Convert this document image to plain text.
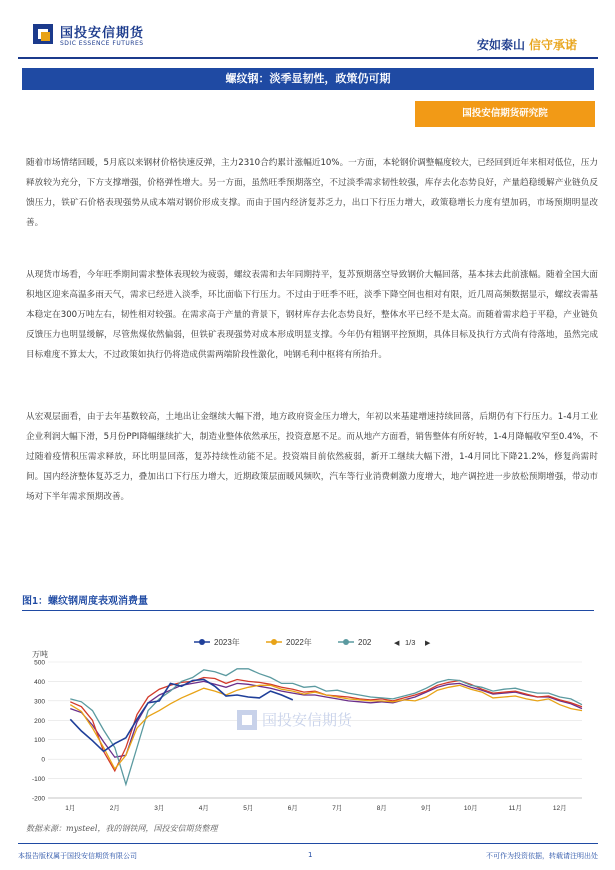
国投安信期货
SDIC ESSENCE FUTURES	安如泰山 信守承诺
螺纹钢：淡季显韧性，政策仍可期
国投安信期货研究院

随着市场情绪回暖，5月底以来钢材价格快速反弹，主力2310合约累计涨幅近10%。一方面，本轮钢价调整幅度较大，已经回到近年来相对低位，压力释放较为充分，下方支撑增强，价格弹性增大。另一方面，虽然旺季预期落空，不过淡季需求韧性较强，库存去化态势良好，产量趋稳缓解产业链负反馈压力，铁矿石价格表现强势从成本端对钢价形成支撑。而由于国内经济复苏乏力，出口下行压力增大，政策稳增长力度有望加码，市场预期明显改善。

从现货市场看，今年旺季期间需求整体表现较为疲弱，螺纹表需和去年同期持平，复苏预期落空导致钢价大幅回落，基本抹去此前涨幅。随着全国大面积地区迎来高温多雨天气，需求已经进入淡季，环比面临下行压力。不过由于旺季不旺，淡季下降空间也相对有限，近几周高频数据显示，螺纹表需基本稳定在300万吨左右，韧性相对较强。在需求高于产量的背景下，钢材库存去化态势良好，整体水平已经不是太高。而随着需求趋于平稳，产业链负反馈压力也明显缓解，尽管焦煤依然偏弱，但铁矿表现强势对成本形成明显支撑。今年仍有粗钢平控预期，具体目标及执行方式尚有待落地，虽然完成目标难度不算太大，不过政策如执行仍将造成供需两端阶段性激化，吨钢毛利中枢将有所抬升。

从宏观层面看，由于去年基数较高，土地出让金继续大幅下滑，地方政府资金压力增大，年初以来基建增速持续回落，后期仍有下行压力。1-4月工业企业利润大幅下滑，5月份PPI降幅继续扩大，制造业整体依然承压，投资意愿不足。而从地产方面看，销售整体有所好转，1-4月降幅收窄至0.4%，不过随着疫情积压需求释放，环比明显回落，复苏持续性动能不足。投资端目前依然疲弱，新开工继续大幅下滑，1-4月同比下降21.2%，修复尚需时间。国内经济整体复苏乏力，叠加出口下行压力增大，近期政策层面暖风频吹，汽车等行业消费刺激力度增大，地产调控进一步放松预期增强，带动市场对下半年需求预期改善。

图1：螺纹钢周度表观消费量
万吨
-200
-100
0
100
200
300
400
500
1月	2月	3月	4月	5月	6月	7月	8月	9月	10月	11月	12月
国投安信期货
2023年	2022年	202	◀ 1/3 ▶
数据来源：mysteel，我的钢铁网，国投安信期货整理
本报告版权属于国投安信期货有限公司	1	不可作为投资依据，转载请注明出处
